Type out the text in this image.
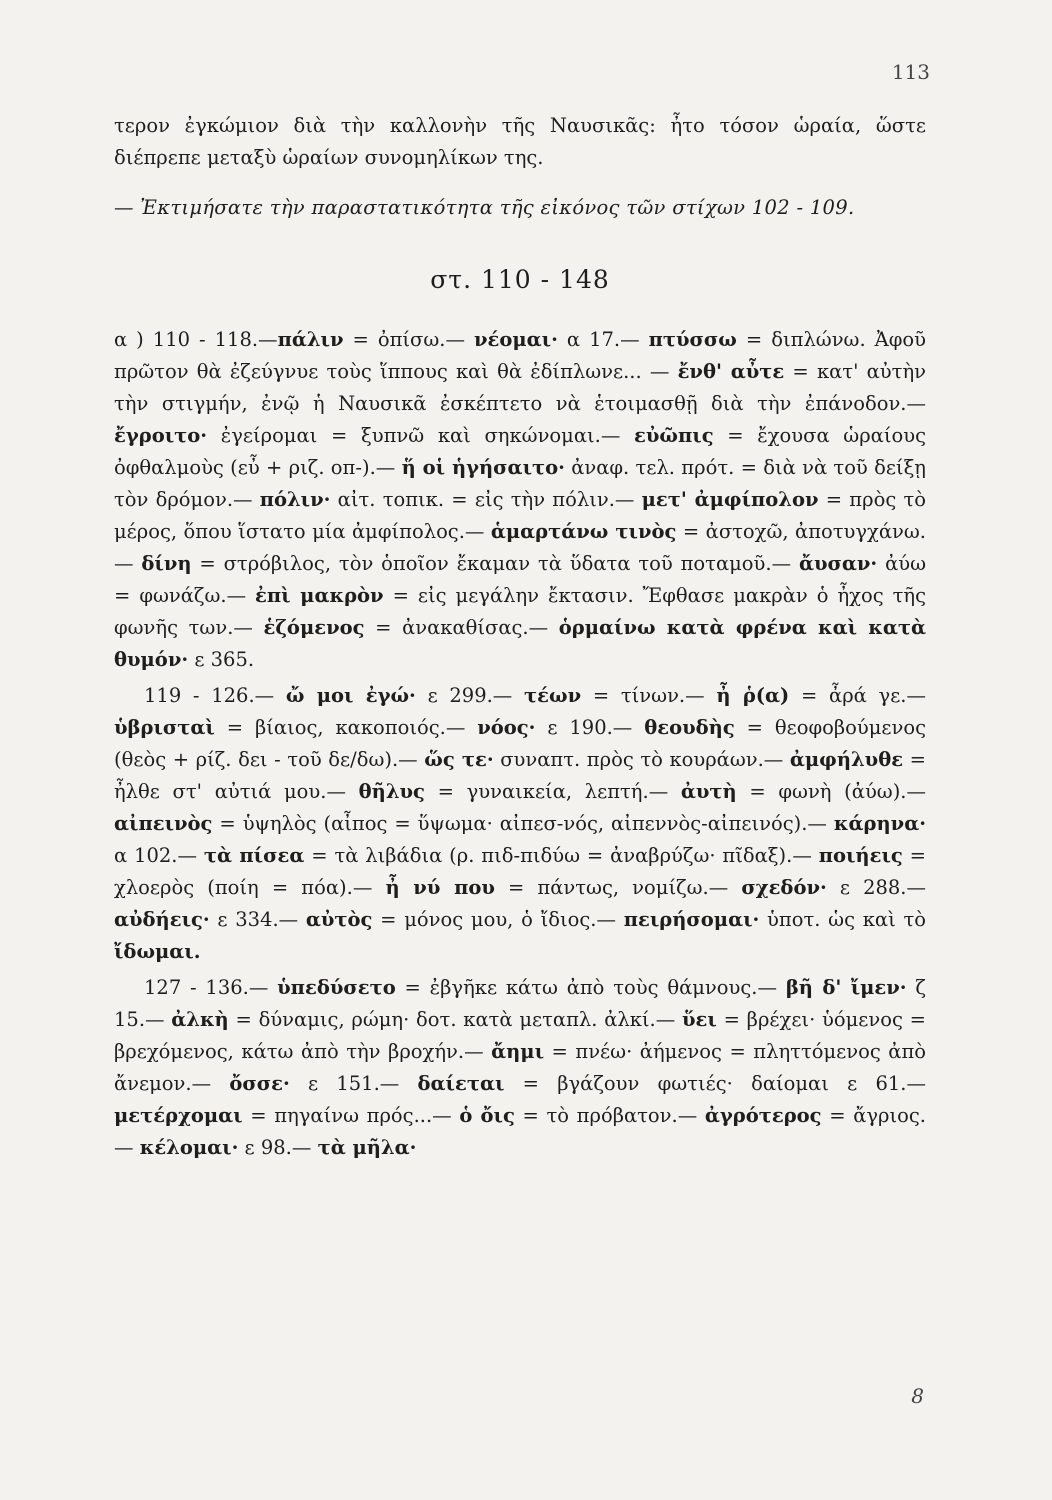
113

τερον ἐγκώμιον διὰ τὴν καλλονὴν τῆς Ναυσικᾶς: ἦτο τόσον ὡραία, ὥστε διέπρεπε μεταξὺ ὡραίων συνομηλίκων της.

— Ἐκτιμήσατε τὴν παραστατικότητα τῆς εἰκόνος τῶν στίχων 102 - 109.

στ. 110 - 148

α ) 110 - 118.—πάλιν = ὀπίσω.— νέομαι· α 17.— πτύσσω = διπλώνω. Ἀφοῦ πρῶτον θὰ ἐζεύγνυε τοὺς ἵππους καὶ θὰ ἐδίπλωνε... — ἔνθ' αὖτε = κατ' αὐτὴν τὴν στιγμήν, ἐνῷ ἡ Ναυσικᾶ ἐσκέπτετο νὰ ἑτοιμασθῇ διὰ τὴν ἐπάνοδον.— ἔγροιτο· ἐγείρομαι = ξυπνῶ καὶ σηκώνομαι.— εὐῶπις = ἔχουσα ὡραίους ὀφθαλμοὺς (εὖ + ριζ. οπ-).— ἥ οἱ ἡγήσαιτο· ἀναφ. τελ. πρότ. = διὰ νὰ τοῦ δείξῃ τὸν δρόμον.— πόλιν· αἰτ. τοπικ. = εἰς τὴν πόλιν.— μετ' ἀμφίπολον = πρὸς τὸ μέρος, ὅπου ἵστατο μία ἀμφίπολος.— ἁμαρτάνω τινὸς = ἀστοχῶ, ἀποτυγχάνω.— δίνη = στρόβιλος, τὸν ὁποῖον ἔκαμαν τὰ ὕδατα τοῦ ποταμοῦ.— ἄυσαν· ἀύω = φωνάζω.— ἐπὶ μακρὸν = εἰς μεγάλην ἔκτασιν. Ἔφθασε μακρὰν ὁ ἦχος τῆς φωνῆς των.— ἑζόμενος = ἀνακαθίσας.— ὁρμαίνω κατὰ φρένα καὶ κατὰ θυμόν· ε 365.

119 - 126.— ὤ μοι ἐγώ· ε 299.— τέων = τίνων.— ἦ ῥ(α) = ἆρά γε.— ὑβρισταὶ = βίαιος, κακοποιός.— νόος· ε 190.— θεουδὴς = θεοφοβούμενος (θεὸς + ρίζ. δει - τοῦ δε/δω).— ὥς τε· συναπτ. πρὸς τὸ κουράων.— ἀμφήλυθε = ἦλθε στ' αὐτιά μου.— θῆλυς = γυναικεία, λεπτή.— ἀυτὴ = φωνὴ (ἀύω).— αἰπεινὸς = ὑψηλὸς (αἶπος = ὕψωμα· αἰπεσ-νός, αἰπεννὸς-αἰπεινός).— κάρηνα· α 102.— τὰ πίσεα = τὰ λιβάδια (ρ. πιδ-πιδύω = ἀναβρύζω· πῖδαξ).— ποιήεις = χλοερὸς (ποίη = πόα).— ἦ νύ που = πάντως, νομίζω.— σχεδόν· ε 288.— αὐδήεις· ε 334.— αὐτὸς = μόνος μου, ὁ ἴδιος.— πειρήσομαι· ὑποτ. ὡς καὶ τὸ ἴδωμαι.

127 - 136.— ὑπεδύσετο = ἐβγῆκε κάτω ἀπὸ τοὺς θάμνους.— βῆ δ' ἴμεν· ζ 15.— ἀλκὴ = δύναμις, ρώμη· δοτ. κατὰ μεταπλ. ἀλκί.— ὕει = βρέχει· ὑόμενος = βρεχόμενος, κάτω ἀπὸ τὴν βροχήν.— ἄημι = πνέω· ἀήμενος = πληττόμενος ἀπὸ ἄνεμον.— ὄσσε· ε 151.— δαίεται = βγάζουν φωτιές· δαίομαι ε 61.— μετέρχομαι = πηγαίνω πρός...— ὁ ὄις = τὸ πρόβατον.— ἀγρότερος = ἄγριος.— κέλομαι· ε 98.— τὰ μῆλα·

8
